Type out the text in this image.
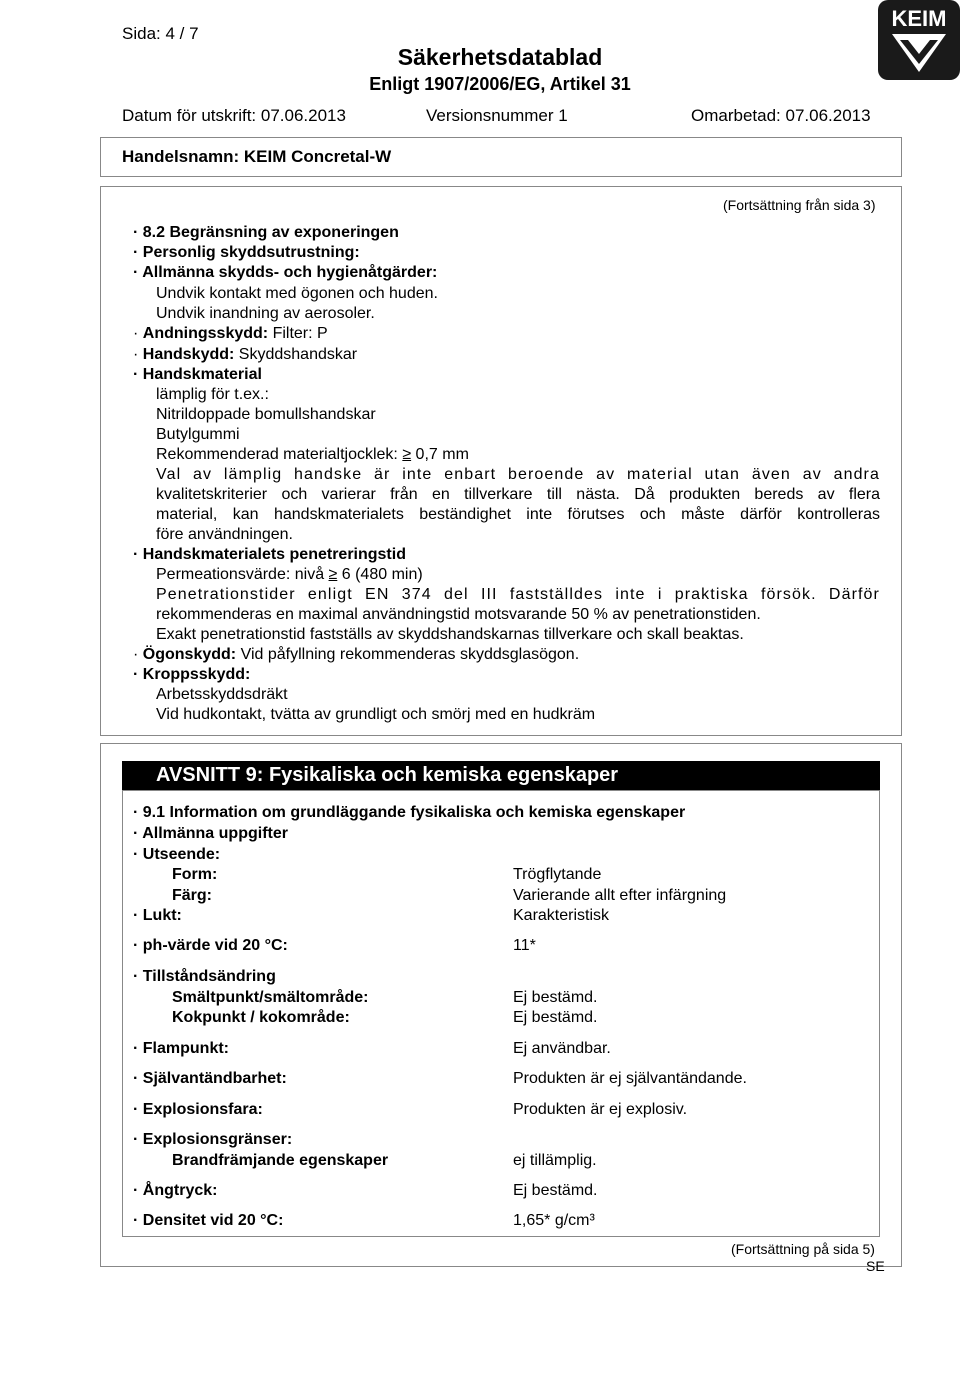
Sida: 4 / 7
Säkerhetsdatablad
Enligt 1907/2006/EG, Artikel 31
KEIM
Datum för utskrift: 07.06.2013	Versionsnummer 1	Omarbetad: 07.06.2013
Handelsnamn: KEIM Concretal-W
(Fortsättning från sida 3)
· 8.2 Begränsning av exponeringen
· Personlig skyddsutrustning:
· Allmänna skydds- och hygienåtgärder:
Undvik kontakt med ögonen och huden.
Undvik inandning av aerosoler.
· Andningsskydd: Filter: P
· Handskydd: Skyddshandskar
· Handskmaterial
lämplig för t.ex.:
Nitrildoppade bomullshandskar
Butylgummi
Rekommenderad materialtjocklek: ≥ 0,7 mm
Val av lämplig handske är inte enbart beroende av material utan även av andra
kvalitetskriterier och varierar från en tillverkare till nästa. Då produkten bereds av flera
material, kan handskmaterialets beständighet inte förutses och måste därför kontrolleras
före användningen.
· Handskmaterialets penetreringstid
Permeationsvärde: nivå ≥ 6 (480 min)
Penetrationstider enligt EN 374 del III fastställdes inte i praktiska försök. Därför
rekommenderas en maximal användningstid motsvarande 50 % av penetrationstiden.
Exakt penetrationstid fastställs av skyddshandskarnas tillverkare och skall beaktas.
· Ögonskydd: Vid påfyllning rekommenderas skyddsglasögon.
· Kroppsskydd:
Arbetsskyddsdräkt
Vid hudkontakt, tvätta av grundligt och smörj med en hudkräm
AVSNITT 9: Fysikaliska och kemiska egenskaper
· 9.1 Information om grundläggande fysikaliska och kemiska egenskaper
· Allmänna uppgifter
· Utseende:
Form:	Trögflytande
Färg:	Varierande allt efter infärgning
· Lukt:	Karakteristisk
· ph-värde vid 20 °C:	11*
· Tillståndsändring
Smältpunkt/smältområde:	Ej bestämd.
Kokpunkt / kokområde:	Ej bestämd.
· Flampunkt:	Ej användbar.
· Självantändbarhet:	Produkten är ej självantändande.
· Explosionsfara:	Produkten är ej explosiv.
· Explosionsgränser:
Brandfrämjande egenskaper	ej tillämplig.
· Ångtryck:	Ej bestämd.
· Densitet vid 20 °C:	1,65* g/cm³
(Fortsättning på sida 5)
SE
